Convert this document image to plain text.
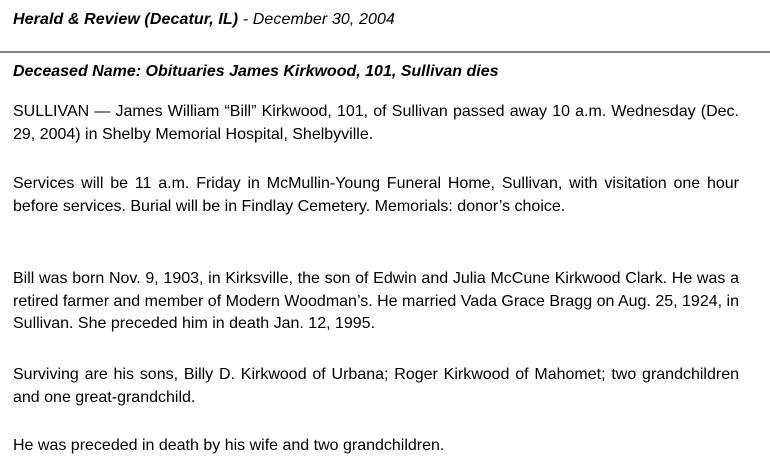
Herald & Review (Decatur, IL) - December 30, 2004
Deceased Name: Obituaries James Kirkwood, 101, Sullivan dies

SULLIVAN — James William “Bill” Kirkwood, 101, of Sullivan passed away 10 a.m. Wednesday (Dec. 29, 2004) in Shelby Memorial Hospital, Shelbyville.

Services will be 11 a.m. Friday in McMullin-Young Funeral Home, Sullivan, with visitation one hour before services. Burial will be in Findlay Cemetery. Memorials: donor’s choice.

Bill was born Nov. 9, 1903, in Kirksville, the son of Edwin and Julia McCune Kirkwood Clark. He was a retired farmer and member of Modern Woodman’s. He married Vada Grace Bragg on Aug. 25, 1924, in Sullivan. She preceded him in death Jan. 12, 1995.

Surviving are his sons, Billy D. Kirkwood of Urbana; Roger Kirkwood of Mahomet; two grandchildren and one great-grandchild.

He was preceded in death by his wife and two grandchildren.
